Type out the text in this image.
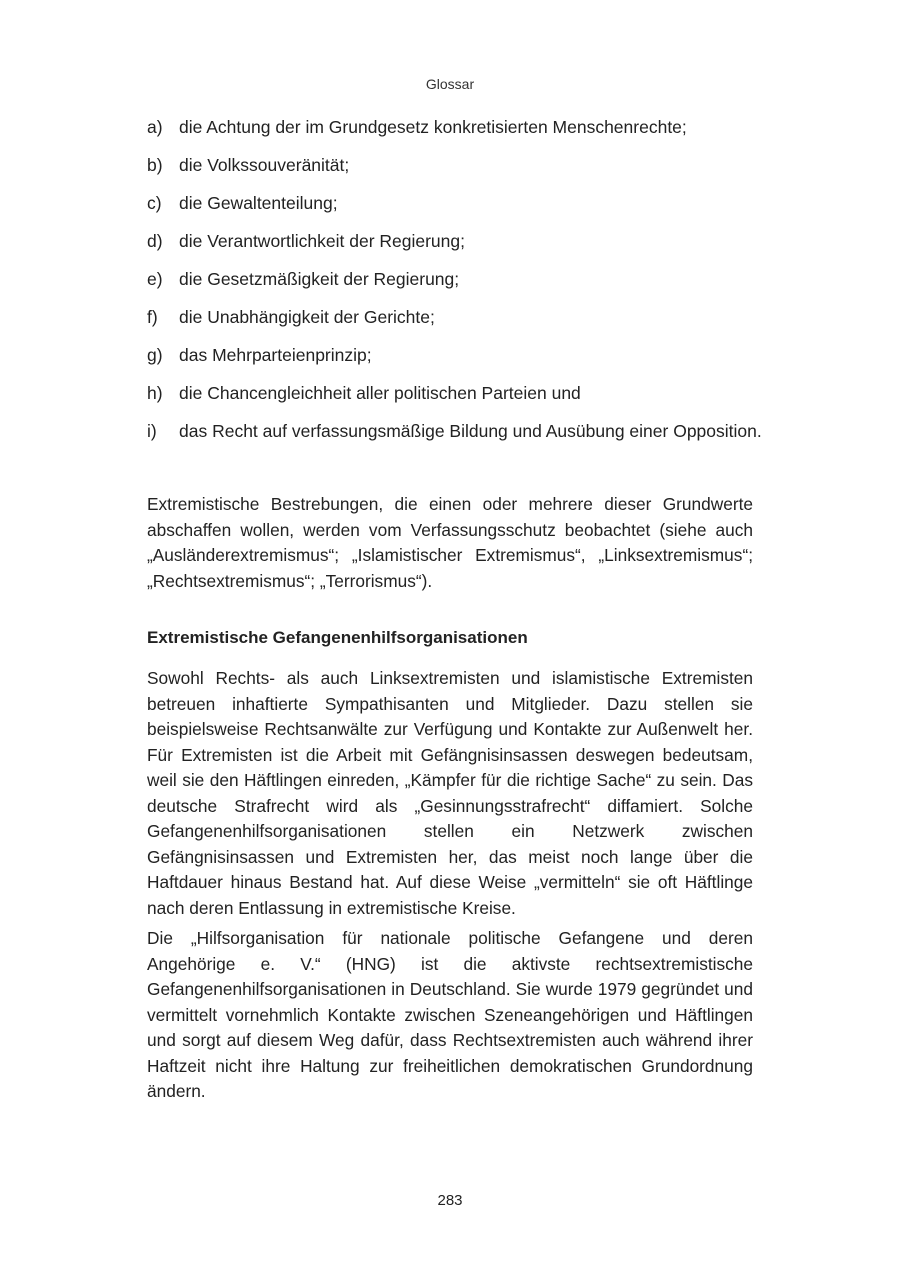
Glossar
a) die Achtung der im Grundgesetz konkretisierten Menschenrechte;
b) die Volkssouveränität;
c) die Gewaltenteilung;
d) die Verantwortlichkeit der Regierung;
e) die Gesetzmäßigkeit der Regierung;
f)	die Unabhängigkeit der Gerichte;
g) das Mehrparteienprinzip;
h) die Chancengleichheit aller politischen Parteien und
i)	das Recht auf verfassungsmäßige Bildung und Ausübung einer Opposition.

Extremistische Bestrebungen, die einen oder mehrere dieser Grundwerte abschaffen wollen, werden vom Verfassungsschutz beobachtet (siehe auch „Ausländerextremismus“; „Islamistischer Extremismus“, „Linksextremismus“; „Rechtsextremismus“; „Terrorismus“).

Extremistische Gefangenenhilfsorganisationen

Sowohl Rechts- als auch Linksextremisten und islamistische Extremisten betreuen inhaftierte Sympathisanten und Mitglieder. Dazu stellen sie beispielsweise Rechtsanwälte zur Verfügung und Kontakte zur Außenwelt her. Für Extremisten ist die Arbeit mit Gefängnisinsassen deswegen bedeutsam, weil sie den Häftlingen einreden, „Kämpfer für die richtige Sache“ zu sein. Das deutsche Strafrecht wird als „Gesinnungsstrafrecht“ diffamiert. Solche Gefangenenhilfsorganisationen stellen ein Netzwerk zwischen Gefängnisinsassen und Extremisten her, das meist noch lange über die Haftdauer hinaus Bestand hat. Auf diese Weise „vermitteln“ sie oft Häftlinge nach deren Entlassung in extremistische Kreise.

Die „Hilfsorganisation für nationale politische Gefangene und deren Angehörige e. V.“ (HNG) ist die aktivste rechtsextremistische Gefangenenhilfsorganisationen in Deutschland. Sie wurde 1979 gegründet und vermittelt vornehmlich Kontakte zwischen Szeneangehörigen und Häftlingen und sorgt auf diesem Weg dafür, dass Rechtsextremisten auch während ihrer Haftzeit nicht ihre Haltung zur freiheitlichen demokratischen Grundordnung ändern.

283
